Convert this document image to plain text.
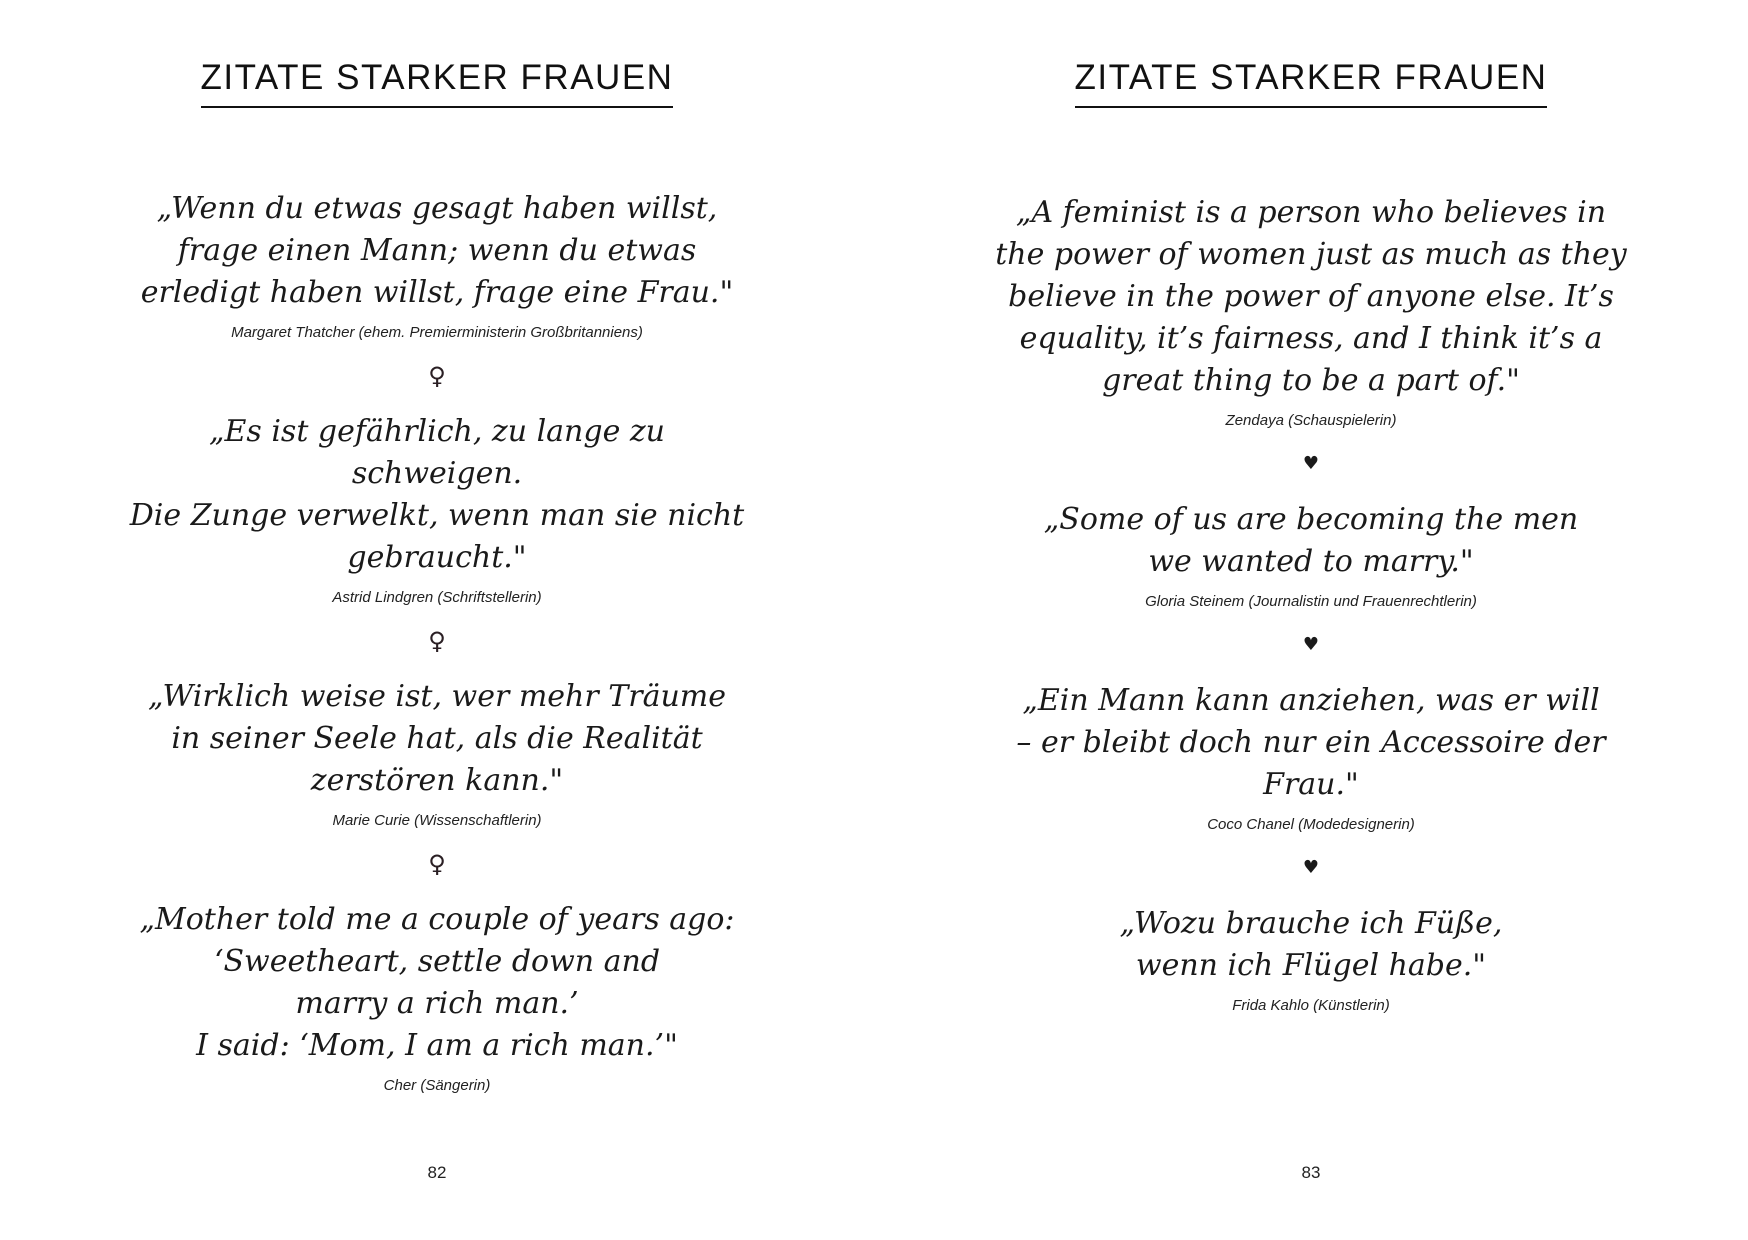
ZITATE STARKER FRAUEN
„Wenn du etwas gesagt haben willst,
frage einen Mann; wenn du etwas
erledigt haben willst, frage eine Frau."
Margaret Thatcher (ehem. Premierministerin Großbritanniens)
♀
„Es ist gefährlich, zu lange zu schweigen.
Die Zunge verwelkt, wenn man sie nicht
gebraucht."
Astrid Lindgren (Schriftstellerin)
♀
„Wirklich weise ist, wer mehr Träume
in seiner Seele hat, als die Realität
zerstören kann."
Marie Curie (Wissenschaftlerin)
♀
„Mother told me a couple of years ago:
‘Sweetheart, settle down and
marry a rich man.’
I said: ‘Mom, I am a rich man.’"
Cher (Sängerin)
82
ZITATE STARKER FRAUEN
„A feminist is a person who believes in
the power of women just as much as they
believe in the power of anyone else. It’s
equality, it’s fairness, and I think it’s a
great thing to be a part of."
Zendaya (Schauspielerin)
♥
„Some of us are becoming the men
we wanted to marry."
Gloria Steinem (Journalistin und Frauenrechtlerin)
♥
„Ein Mann kann anziehen, was er will
– er bleibt doch nur ein Accessoire der
Frau."
Coco Chanel (Modedesignerin)
♥
„Wozu brauche ich Füße,
wenn ich Flügel habe."
Frida Kahlo (Künstlerin)
83
